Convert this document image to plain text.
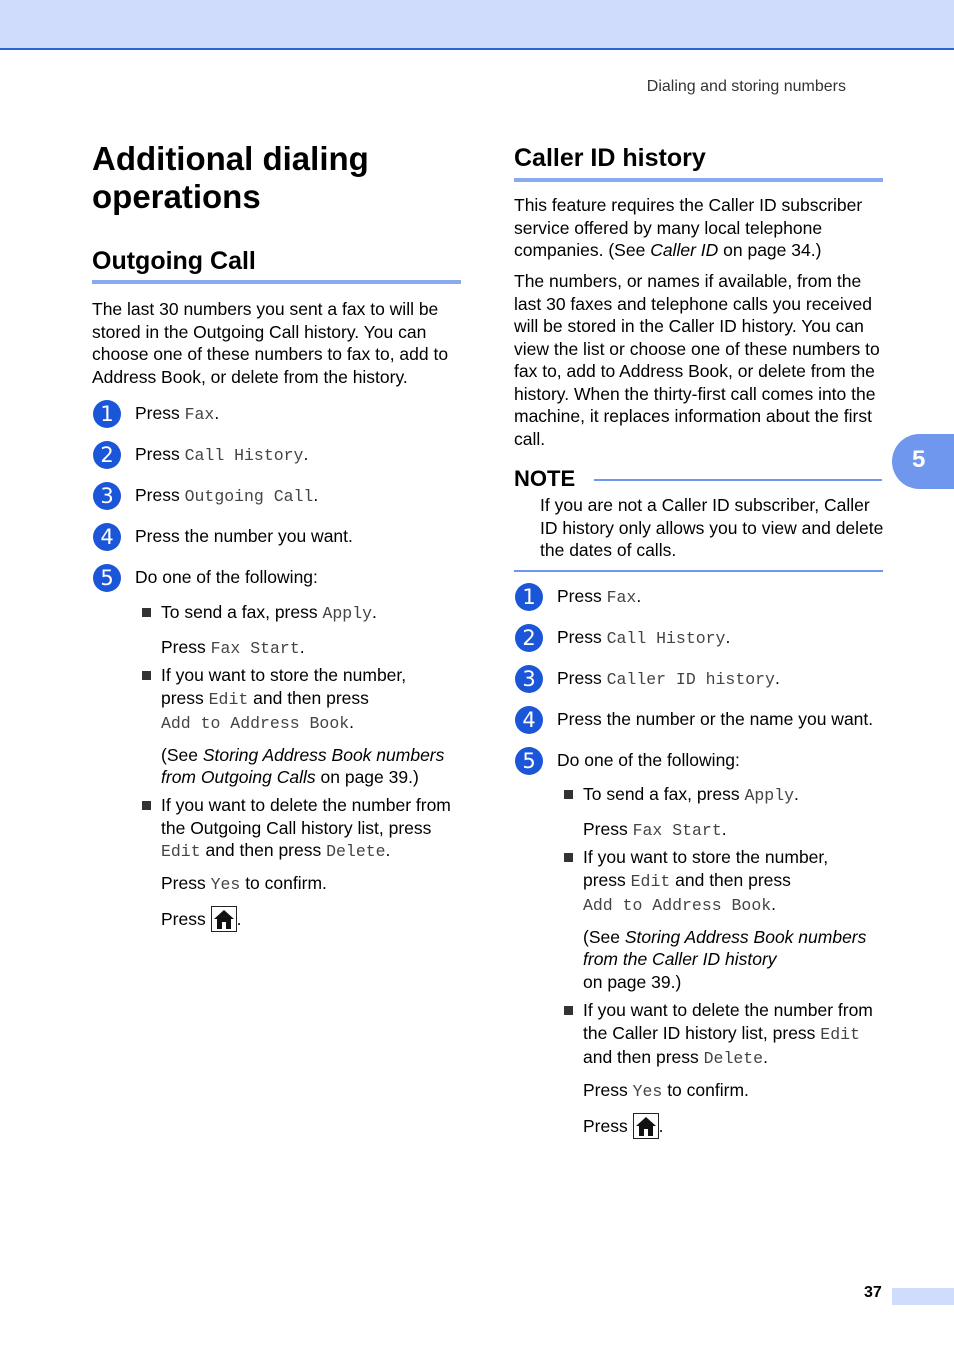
Dialing and storing numbers
5
37
Additional dialing operations
Outgoing Call

The last 30 numbers you sent a fax to will be stored in the Outgoing Call history. You can choose one of these numbers to fax to, add to Address Book, or delete from the history.

1	Press Fax.
2	Press Call History.
3	Press Outgoing Call.
4	Press the number you want.
5	Do one of the following:
To send a fax, press Apply.
Press Fax Start.
If you want to store the number,
press Edit and then press
Add to Address Book.
(See Storing Address Book numbers from Outgoing Calls on page 39.)
If you want to delete the number from the Outgoing Call history list, press
Edit and then press Delete.
Press Yes to confirm.
Press .
Caller ID history

This feature requires the Caller ID subscriber service offered by many local telephone companies. (See Caller ID on page 34.)

The numbers, or names if available, from the last 30 faxes and telephone calls you received will be stored in the Caller ID history. You can view the list or choose one of these numbers to fax to, add to Address Book, or delete from the history. When the thirty-first call comes into the machine, it replaces information about the first call.

NOTE

If you are not a Caller ID subscriber, Caller ID history only allows you to view and delete the dates of calls.

1	Press Fax.
2	Press Call History.
3	Press Caller ID history.
4	Press the number or the name you want.
5	Do one of the following:
To send a fax, press Apply.
Press Fax Start.
If you want to store the number,
press Edit and then press
Add to Address Book.
(See Storing Address Book numbers from the Caller ID history
on page 39.)
If you want to delete the number from the Caller ID history list, press Edit
and then press Delete.
Press Yes to confirm.
Press .
